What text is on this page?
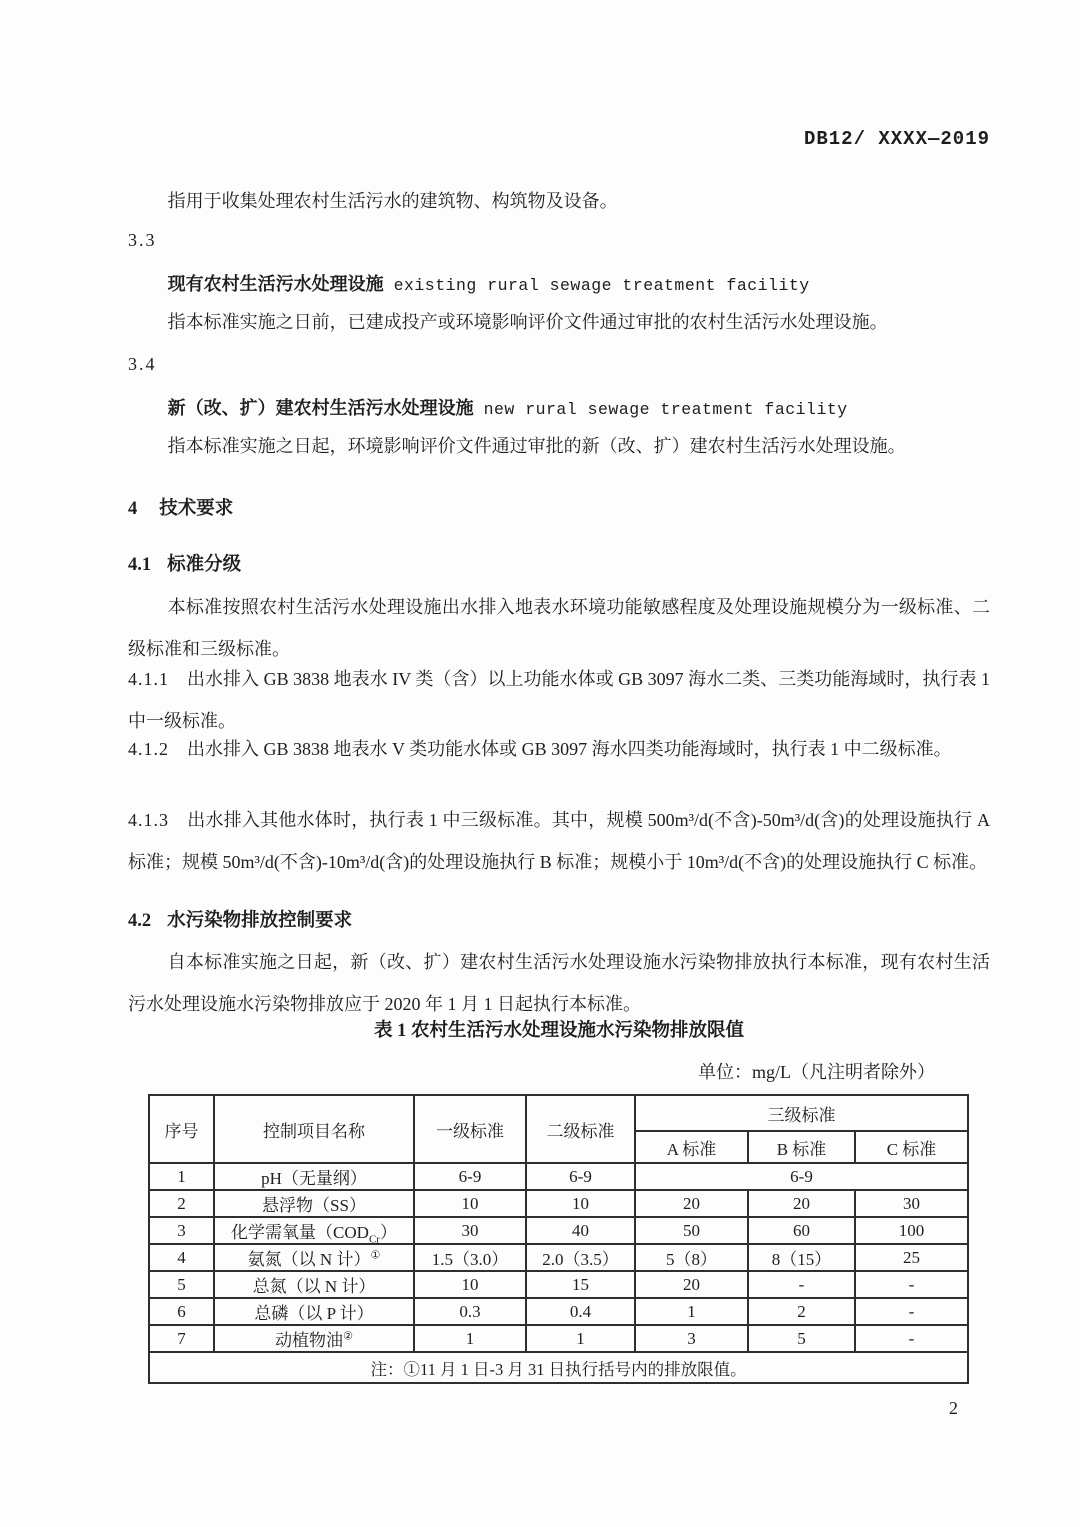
DB12/ XXXX—2019
指用于收集处理农村生活污水的建筑物、构筑物及设备。
3.3
现有农村生活污水处理设施 existing rural sewage treatment facility
指本标准实施之日前，已建成投产或环境影响评价文件通过审批的农村生活污水处理设施。
3.4
新（改、扩）建农村生活污水处理设施 new rural sewage treatment facility
指本标准实施之日起，环境影响评价文件通过审批的新（改、扩）建农村生活污水处理设施。
4 技术要求
4.1 标准分级
本标准按照农村生活污水处理设施出水排入地表水环境功能敏感程度及处理设施规模分为一级标准、二级标准和三级标准。
4.1.1 出水排入 GB 3838 地表水 IV 类（含）以上功能水体或 GB 3097 海水二类、三类功能海域时，执行表 1 中一级标准。
4.1.2 出水排入 GB 3838 地表水 V 类功能水体或 GB 3097 海水四类功能海域时，执行表 1 中二级标准。
4.1.3 出水排入其他水体时，执行表 1 中三级标准。其中，规模 500m³/d(不含)-50m³/d(含)的处理设施执行 A 标准；规模 50m³/d(不含)-10m³/d(含)的处理设施执行 B 标准；规模小于 10m³/d(不含)的处理设施执行 C 标准。
4.2 水污染物排放控制要求
自本标准实施之日起，新（改、扩）建农村生活污水处理设施水污染物排放执行本标准，现有农村生活污水处理设施水污染物排放应于 2020 年 1 月 1 日起执行本标准。
表 1 农村生活污水处理设施水污染物排放限值
单位：mg/L（凡注明者除外）
序号	控制项目名称	一级标准	二级标准	三级标准		
				A 标准	B 标准	C 标准
1	pH（无量纲）	6-9	6-9	6-9		
2	悬浮物（SS）	10	10	20	20	30
3	化学需氧量$(COD_{Cr})$	30	40	50	60	100
4	氨氮（以 N 计）①	1.5（3.0）	2.0（3.5）	5（8）	8（15）	25
5	总氮（以 N 计）	10	15	20	-	-
6	总磷（以 P 计）	0.3	0.4	1	2	-
7	动植物油②	1	1	3	5	-
注：①11 月 1 日-3 月 31 日执行括号内的排放限值。						
2
